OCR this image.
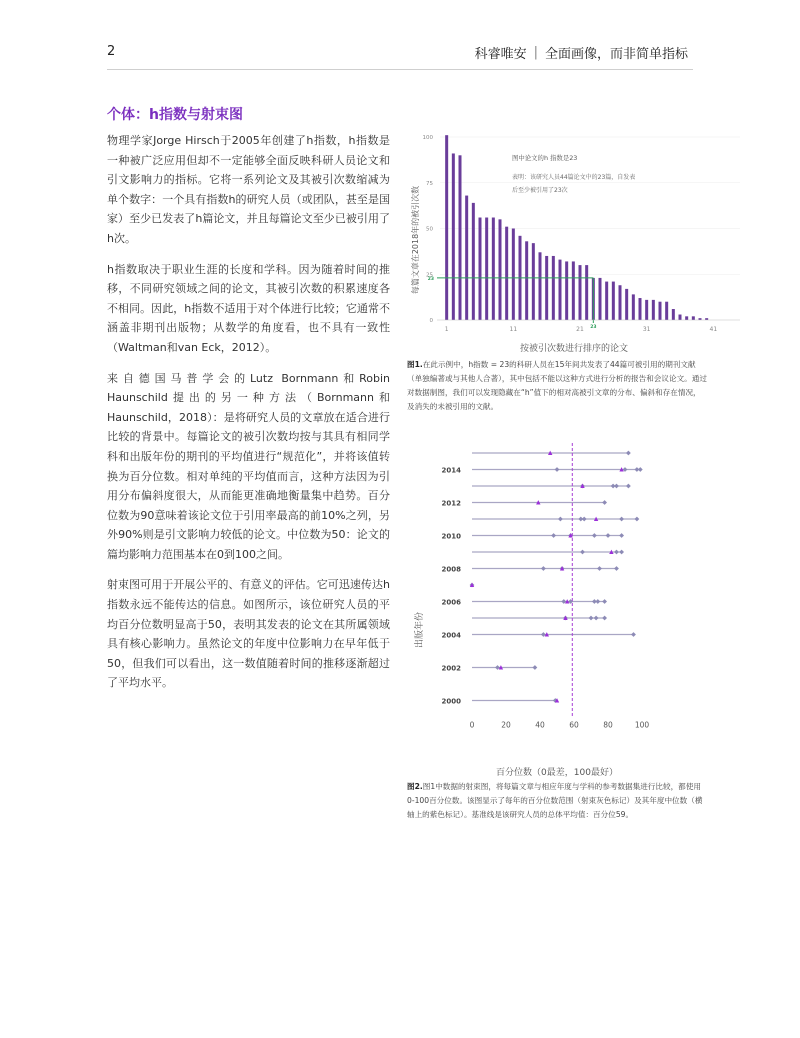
2	科睿唯安 | 全面画像，而非简单指标
个体：h指数与射束图

物理学家Jorge Hirsch于2005年创建了h指数，h指数是一种被广泛应用但却不一定能够全面反映科研人员论文和引文影响力的指标。它将一系列论文及其被引次数缩减为单个数字：一个具有指数h的研究人员（或团队，甚至是国家）至少已发表了h篇论文，并且每篇论文至少已被引用了h次。

h指数取决于职业生涯的长度和学科。因为随着时间的推移，不同研究领域之间的论文，其被引次数的积累速度各不相同。因此，h指数不适用于对个体进行比较；它通常不涵盖非期刊出版物；从数学的角度看，也不具有一致性（Waltman和van Eck，2012）。

来自德国马普学会的Lutz Bornmann和Robin Haunschild提出的另一种方法（Bornmann和Haunschild，2018）：是将研究人员的文章放在适合进行比较的背景中。每篇论文的被引次数均按与其具有相同学科和出版年份的期刊的平均值进行“规范化”，并将该值转换为百分位数。相对单纯的平均值而言，这种方法因为引用分布偏斜度很大，从而能更准确地衡量集中趋势。百分位数为90意味着该论文位于引用率最高的前10%之列，另外90%则是引文影响力较低的论文。中位数为50：论文的篇均影响力范围基本在0到100之间。

射束图可用于开展公平的、有意义的评估。它可迅速传达h指数永远不能传达的信息。如图所示，该位研究人员的平均百分位数明显高于50，表明其发表的论文在其所属领域具有核心影响力。虽然论文的年度中位影响力在早年低于50，但我们可以看出，这一数值随着时间的推移逐渐超过了平均水平。

23
23
0
25
50
75
100
1	11	21	31	41
图中论文的h 指数是23
表明：该研究人员44篇论文中的23篇，自发表
后至少被引用了23次
每篇文章在2018年的被引次数
按被引次数进行排序的论文

图1.在此示例中，h指数 = 23的科研人员在15年间共发表了44篇可被引用的期刊文献（单独编著或与其他人合著），其中包括不能以这种方式进行分析的报告和会议论文。通过对数据制图，我们可以发现隐藏在“h”值下的相对高被引文章的分布、偏斜和存在情况，及消失的未被引用的文献。

0	20	40	60	80	100
2014
2012
2010
2008
2006
2004
2002
2000
出版年份
百分位数（0最差，100最好）

图2.图1中数据的射束图，将每篇文章与相应年度与学科的参考数据集进行比较，都使用0-100百分位数。该图显示了每年的百分位数范围（射束灰色标记）及其年度中位数（横轴上的紫色标记）。基准线是该研究人员的总体平均值：百分位59。
